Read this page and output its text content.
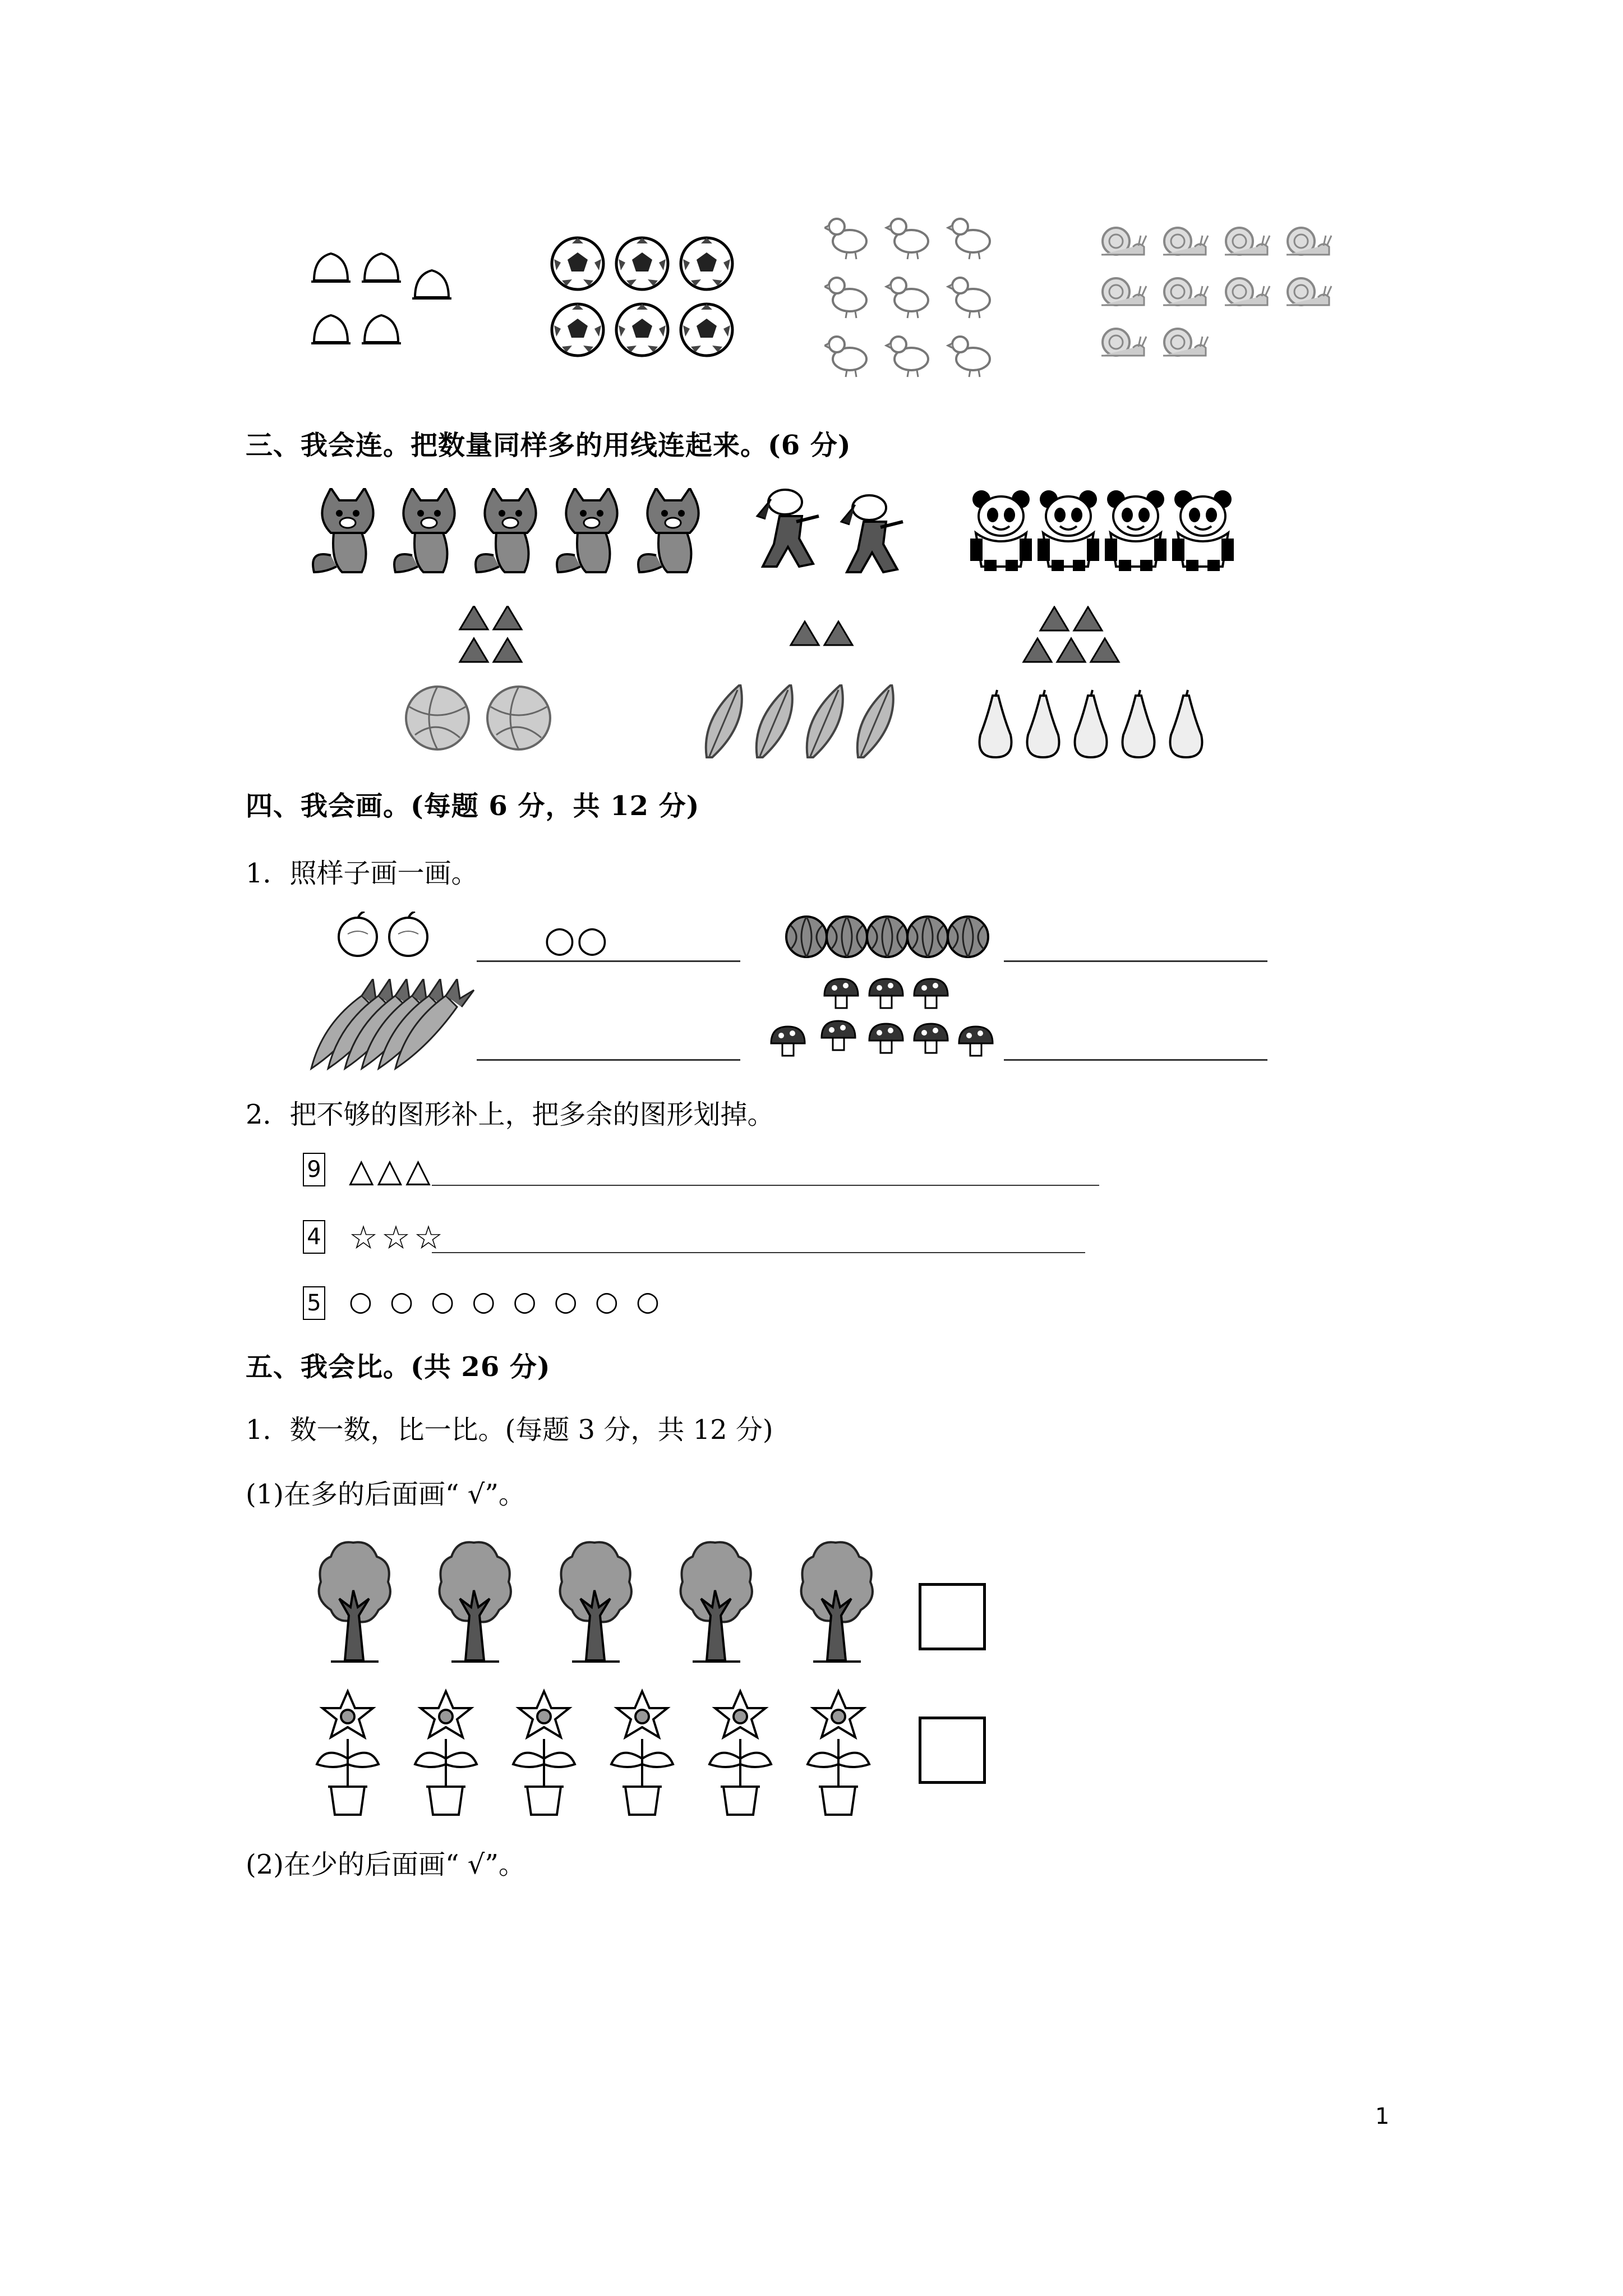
三、我会连。把数量同样多的用线连起来。(6 分)
四、我会画。(每题 6 分，共 12 分)
1．照样子画一画。
○○
2．把不够的图形补上，把多余的图形划掉。
9 △△△
4 ☆☆☆
5 ○ ○ ○ ○ ○ ○ ○ ○
五、我会比。(共 26 分)
1．数一数，比一比。(每题 3 分，共 12 分)
(1)在多的后面画“ √”。
(2)在少的后面画“ √”。
1
